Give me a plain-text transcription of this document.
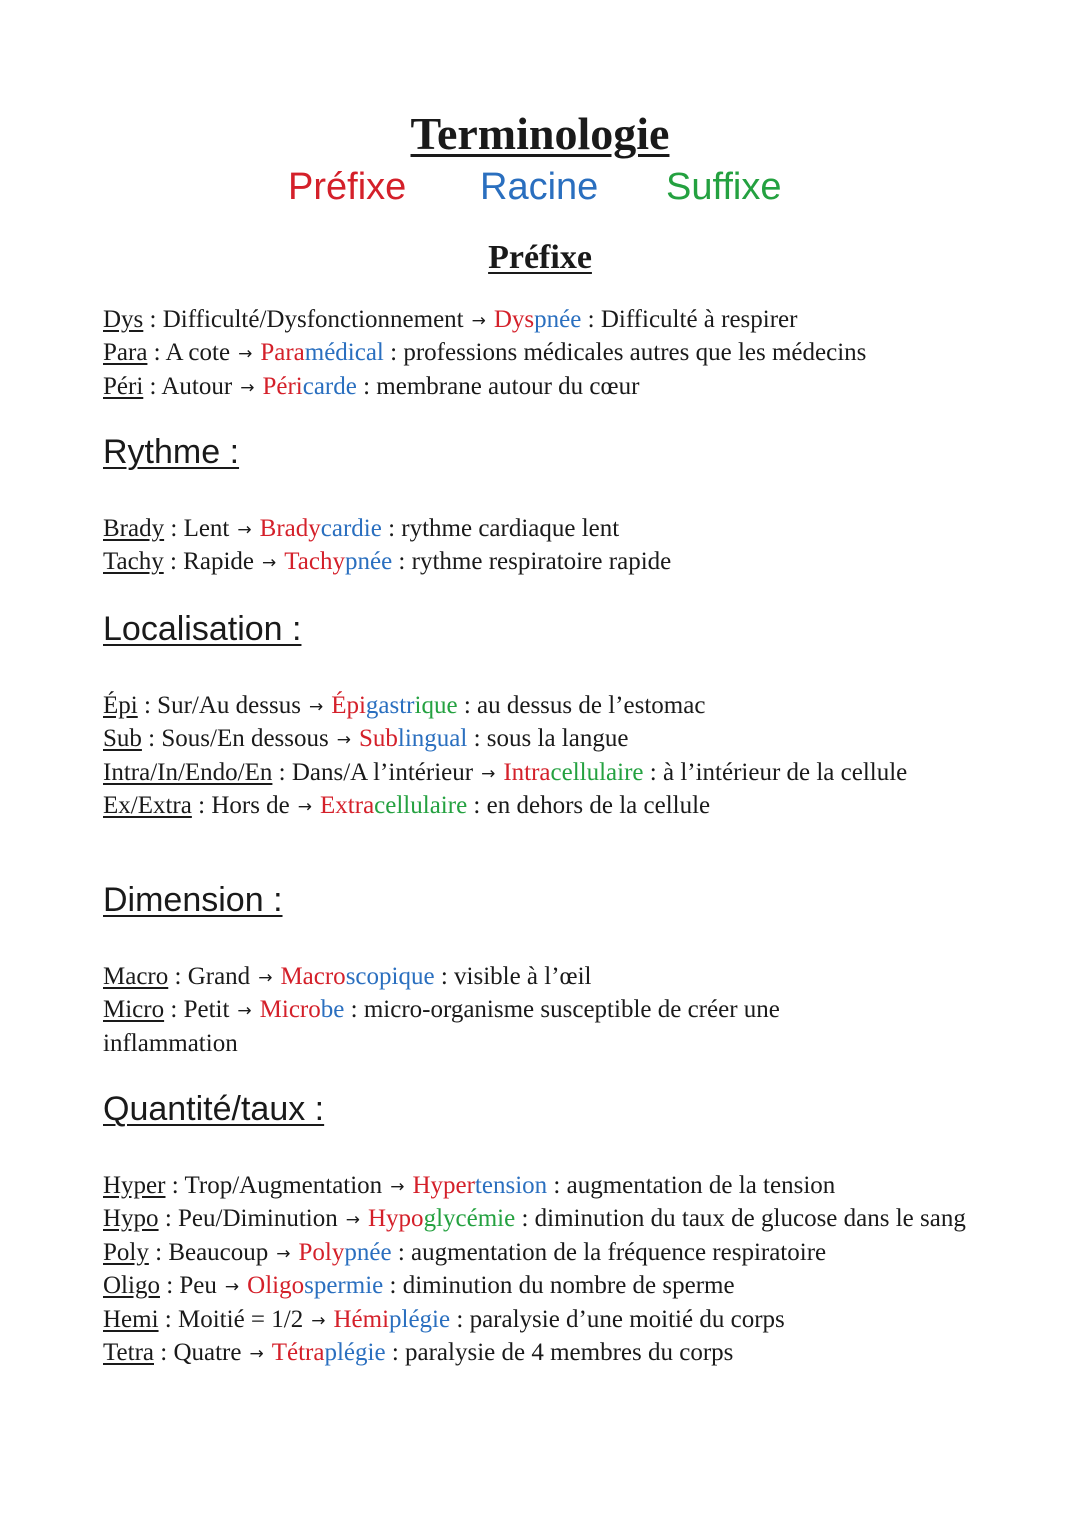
Terminologie
Préfixe Racine Suffixe
Préfixe
Dys : Difficulté/Dysfonctionnement → Dyspnée : Difficulté à respirer
Para : A cote → Paramédical : professions médicales autres que les médecins
Péri : Autour → Péricarde : membrane autour du cœur
Rythme :
Brady : Lent → Bradycardie : rythme cardiaque lent
Tachy : Rapide → Tachypnée : rythme respiratoire rapide
Localisation :
Épi : Sur/Au dessus → Épigastrique : au dessus de l’estomac
Sub : Sous/En dessous → Sublingual : sous la langue
Intra/In/Endo/En : Dans/A l’intérieur → Intracellulaire : à l’intérieur de la cellule
Ex/Extra : Hors de → Extracellulaire : en dehors de la cellule
Dimension :
Macro : Grand → Macroscopique : visible à l’œil
Micro : Petit → Microbe : micro-organisme susceptible de créer une inflammation
Quantité/taux :
Hyper : Trop/Augmentation → Hypertension : augmentation de la tension
Hypo : Peu/Diminution → Hypoglycémie : diminution du taux de glucose dans le sang
Poly : Beaucoup → Polypnée : augmentation de la fréquence respiratoire
Oligo : Peu → Oligospermie : diminution du nombre de sperme
Hemi : Moitié = 1/2 → Hémiplégie : paralysie d’une moitié du corps
Tetra : Quatre → Tétraplégie : paralysie de 4 membres du corps
